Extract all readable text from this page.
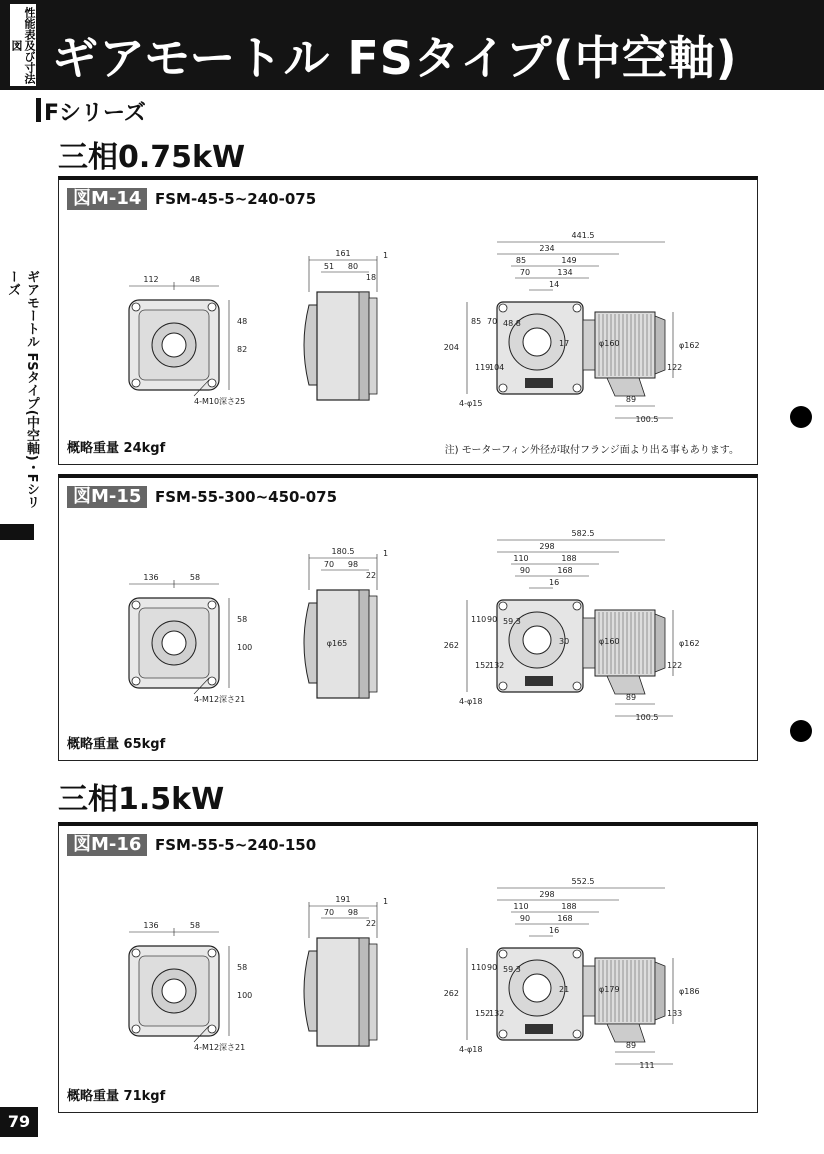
性能表及び寸法図 ギアモートル FSタイプ(中空軸)
Fシリーズ
ギアモートル FSタイプ(中空軸)・Fシリーズ
三相0.75kW
三相1.5kW
図M-14 FSM-45-5~240-075
概略重量 24kgf	注) モーターフィン外径が取付フランジ面より出る事もあります。
112	48
48
82
4-M10深さ25
161
51 80
18
1
441.5
234
85	149
70	134
14
204
85 70
119
104
48.8
17	φ160	φ162
122
89
100.5
4-φ15
図M-15 FSM-55-300~450-075
概略重量 65kgf
136	58
58
100
4-M12深さ21
180.5
70 98
22
1
φ165
582.5
298
110	188
90	168
16
262
110 90
152
132
59.3
30	φ160	φ162
122
89
100.5
4-φ18
図M-16 FSM-55-5~240-150
概略重量 71kgf
136	58
58
100
4-M12深さ21
191
70 98
22
1
552.5
298
110	188
90	168
16
262
110 90
152
132
59.3
21	φ179	φ186
133
89
111
4-φ18
79
